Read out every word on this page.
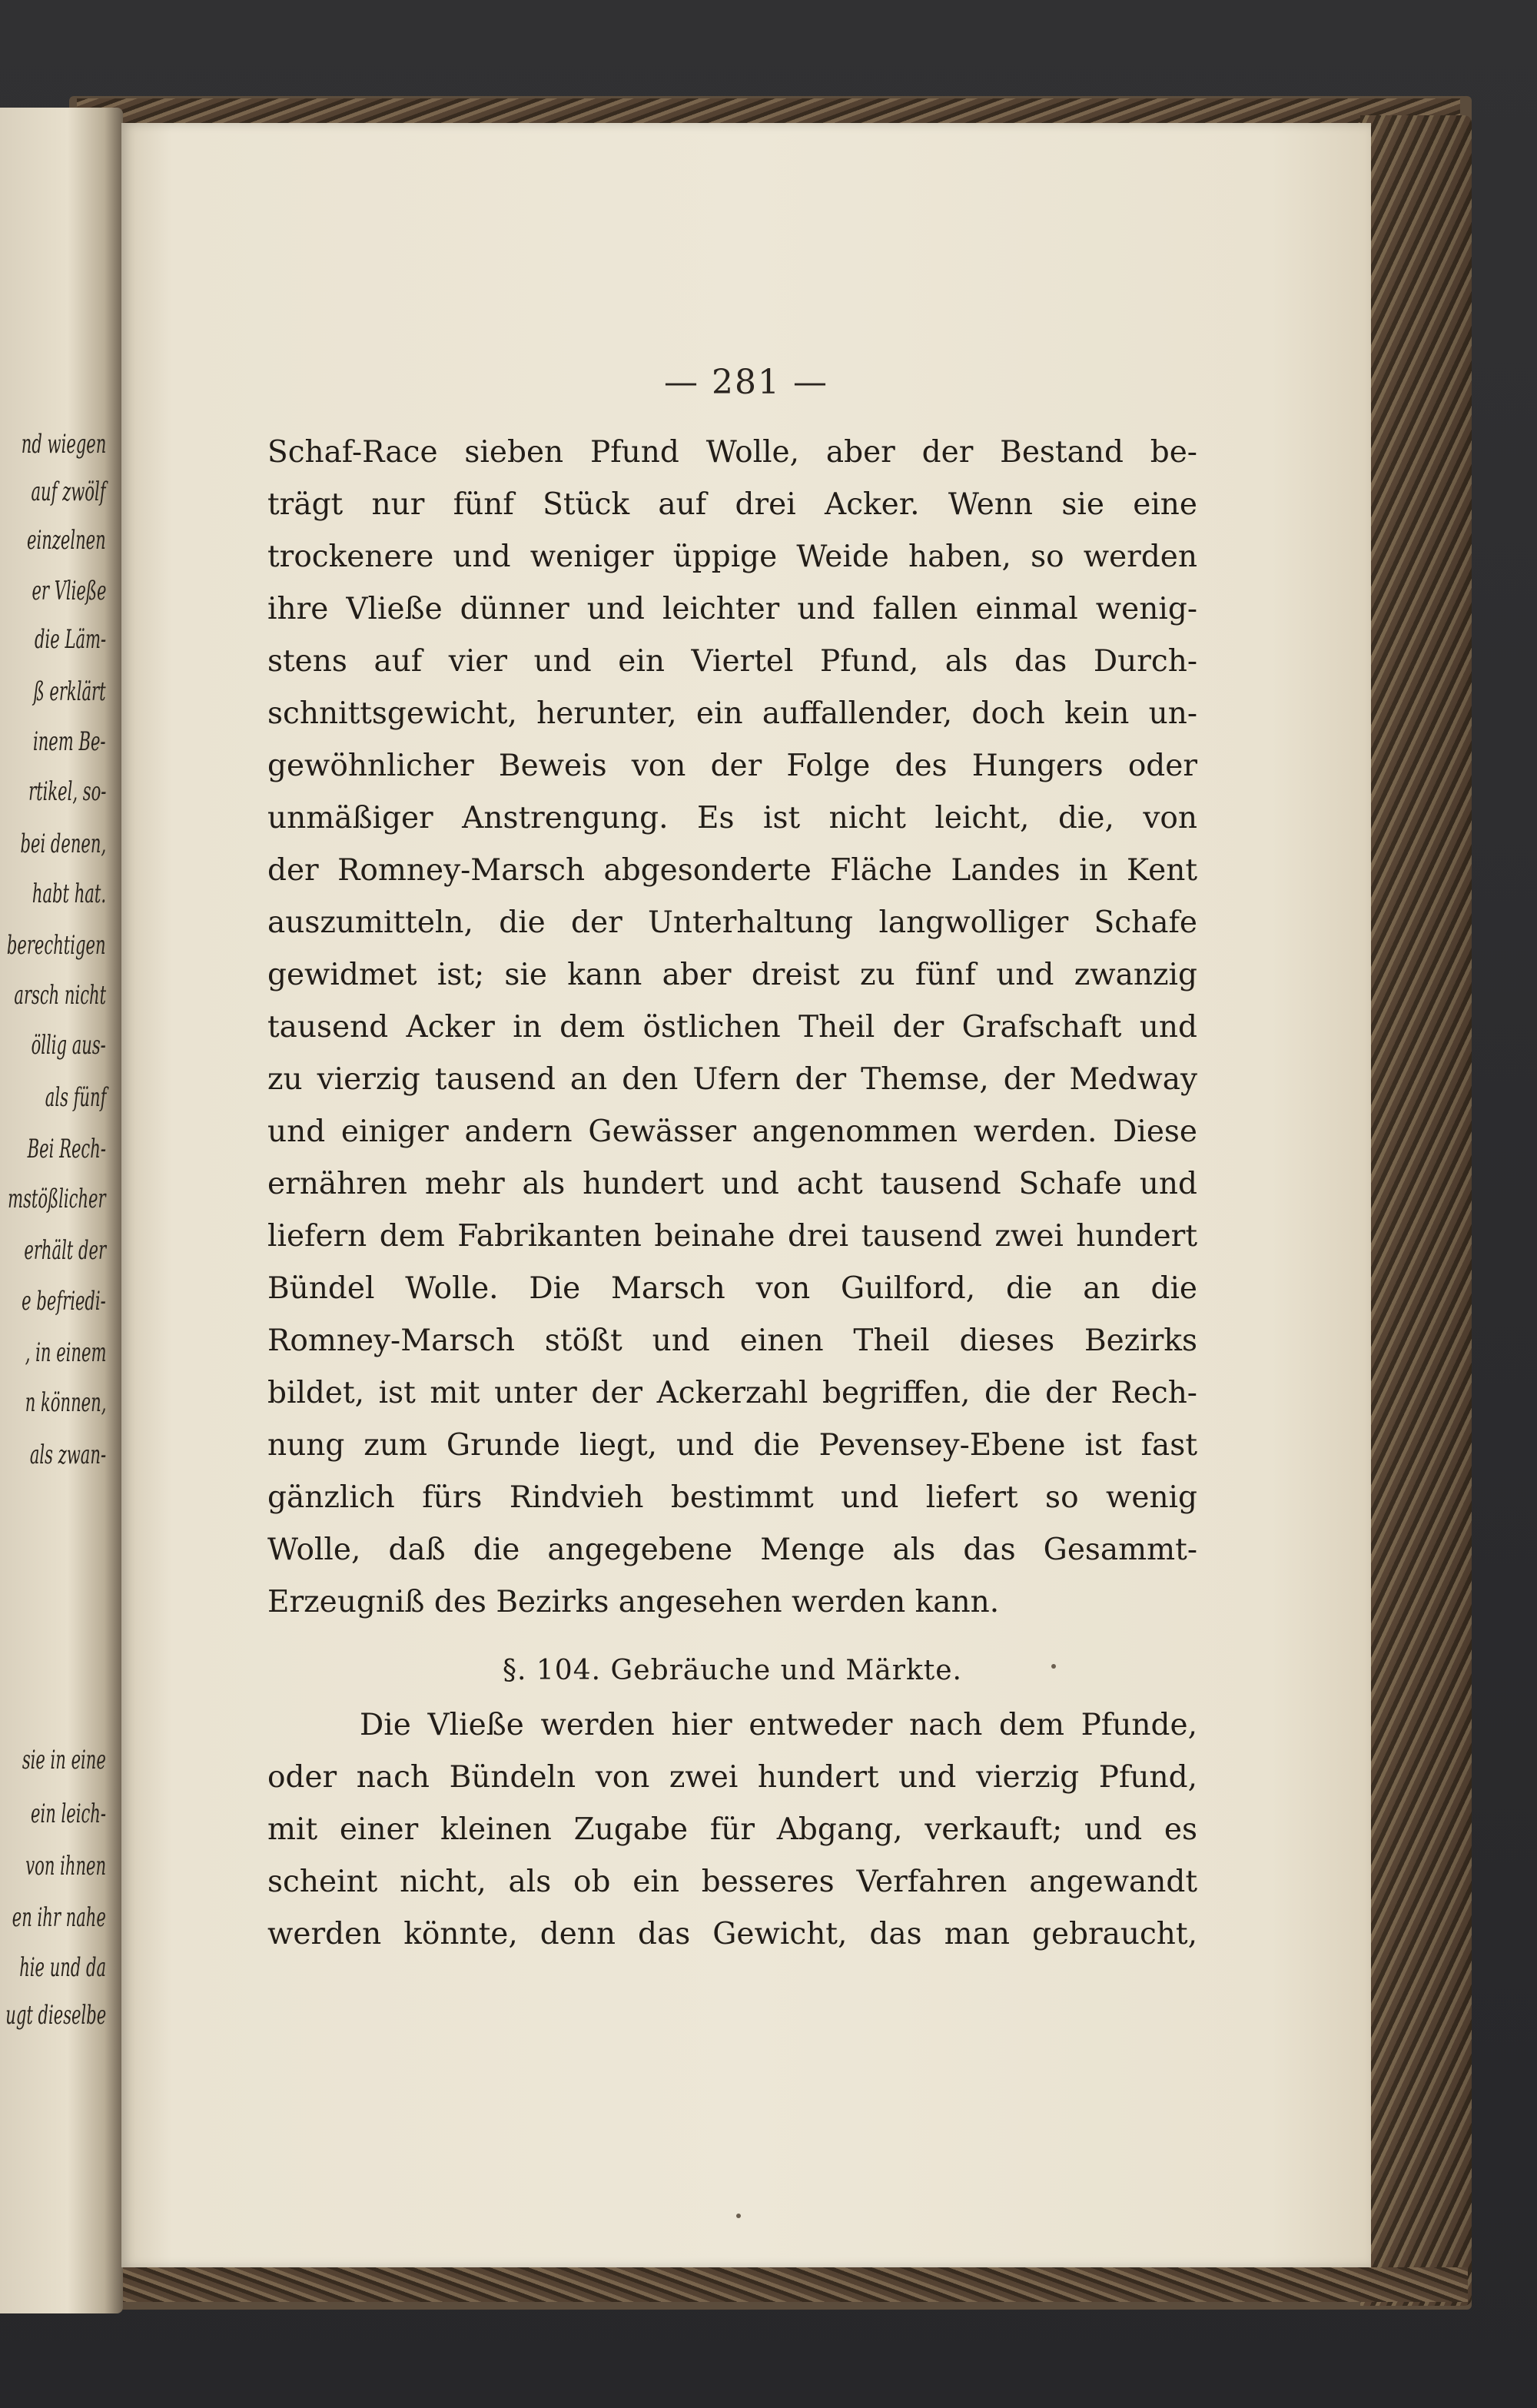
nd wiegen
auf zwölf
einzelnen
er Vließe
die Läm-
ß erklärt
inem Be-
rtikel, so-
bei denen,
habt hat.
berechtigen
arsch nicht
öllig aus-
als fünf
Bei Rech-
mstößlicher
erhält der
e befriedi-
, in einem
n können,
als zwan-
sie in eine
ein leich-
von ihnen
en ihr nahe
hie und da
ugt dieselbe
— 281 —
Schaf-Race sieben Pfund Wolle, aber der Bestand be-
trägt nur fünf Stück auf drei Acker. Wenn sie eine
trockenere und weniger üppige Weide haben, so werden
ihre Vließe dünner und leichter und fallen einmal wenig-
stens auf vier und ein Viertel Pfund, als das Durch-
schnittsgewicht, herunter, ein auffallender, doch kein un-
gewöhnlicher Beweis von der Folge des Hungers oder
unmäßiger Anstrengung. Es ist nicht leicht, die, von
der Romney-Marsch abgesonderte Fläche Landes in Kent
auszumitteln, die der Unterhaltung langwolliger Schafe
gewidmet ist; sie kann aber dreist zu fünf und zwanzig
tausend Acker in dem östlichen Theil der Grafschaft und
zu vierzig tausend an den Ufern der Themse, der Medway
und einiger andern Gewässer angenommen werden. Diese
ernähren mehr als hundert und acht tausend Schafe und
liefern dem Fabrikanten beinahe drei tausend zwei hundert
Bündel Wolle. Die Marsch von Guilford, die an die
Romney-Marsch stößt und einen Theil dieses Bezirks
bildet, ist mit unter der Ackerzahl begriffen, die der Rech-
nung zum Grunde liegt, und die Pevensey-Ebene ist fast
gänzlich fürs Rindvieh bestimmt und liefert so wenig
Wolle, daß die angegebene Menge als das Gesammt-
Erzeugniß des Bezirks angesehen werden kann.
§. 104. Gebräuche und Märkte.
Die Vließe werden hier entweder nach dem Pfunde,
oder nach Bündeln von zwei hundert und vierzig Pfund,
mit einer kleinen Zugabe für Abgang, verkauft; und es
scheint nicht, als ob ein besseres Verfahren angewandt
werden könnte, denn das Gewicht, das man gebraucht,
